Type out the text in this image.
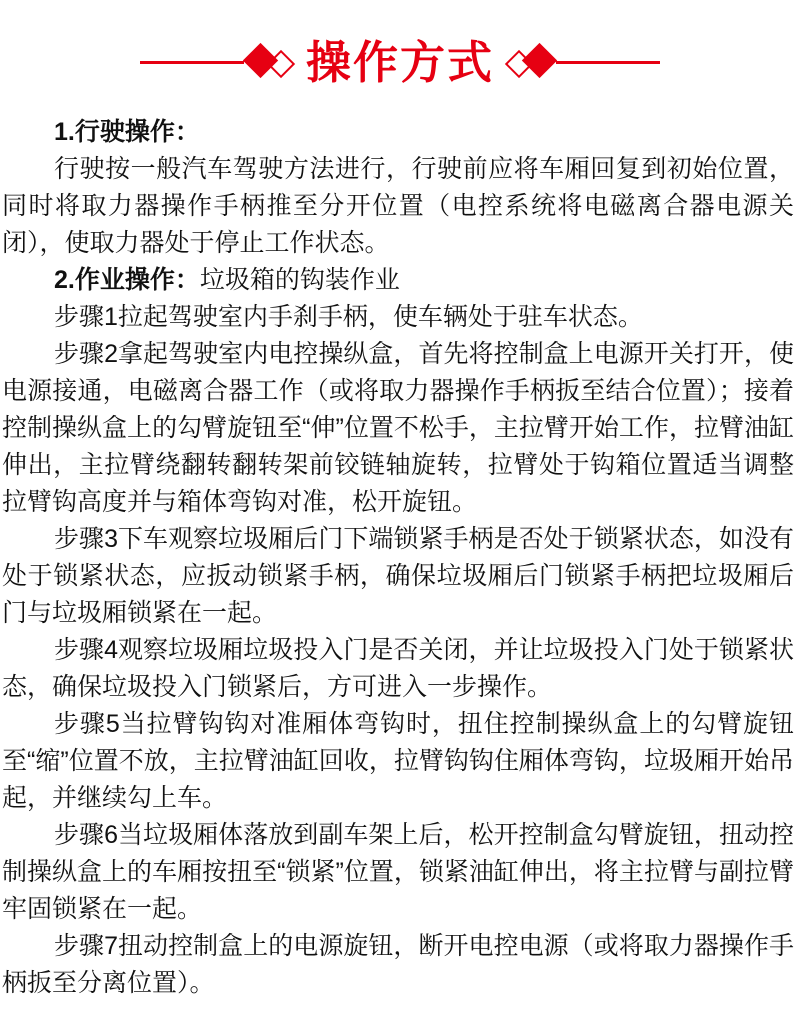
操作方式
1.行驶操作：

行驶按一般汽车驾驶方法进行，行驶前应将车厢回复到初始位置，同时将取力器操作手柄推至分开位置（电控系统将电磁离合器电源关闭），使取力器处于停止工作状态。

2.作业操作：垃圾箱的钩装作业

步骤1拉起驾驶室内手刹手柄，使车辆处于驻车状态。

步骤2拿起驾驶室内电控操纵盒，首先将控制盒上电源开关打开，使电源接通，电磁离合器工作（或将取力器操作手柄扳至结合位置）；接着控制操纵盒上的勾臂旋钮至“伸”位置不松手，主拉臂开始工作，拉臂油缸伸出，主拉臂绕翻转翻转架前铰链轴旋转，拉臂处于钩箱位置适当调整拉臂钩高度并与箱体弯钩对准，松开旋钮。

步骤3下车观察垃圾厢后门下端锁紧手柄是否处于锁紧状态，如没有处于锁紧状态，应扳动锁紧手柄，确保垃圾厢后门锁紧手柄把垃圾厢后门与垃圾厢锁紧在一起。

步骤4观察垃圾厢垃圾投入门是否关闭，并让垃圾投入门处于锁紧状态，确保垃圾投入门锁紧后，方可进入一步操作。

步骤5当拉臂钩钩对准厢体弯钩时，扭住控制操纵盒上的勾臂旋钮至“缩”位置不放，主拉臂油缸回收，拉臂钩钩住厢体弯钩，垃圾厢开始吊起，并继续勾上车。

步骤6当垃圾厢体落放到副车架上后，松开控制盒勾臂旋钮，扭动控制操纵盒上的车厢按扭至“锁紧”位置，锁紧油缸伸出，将主拉臂与副拉臂牢固锁紧在一起。

步骤7扭动控制盒上的电源旋钮，断开电控电源（或将取力器操作手柄扳至分离位置）。
